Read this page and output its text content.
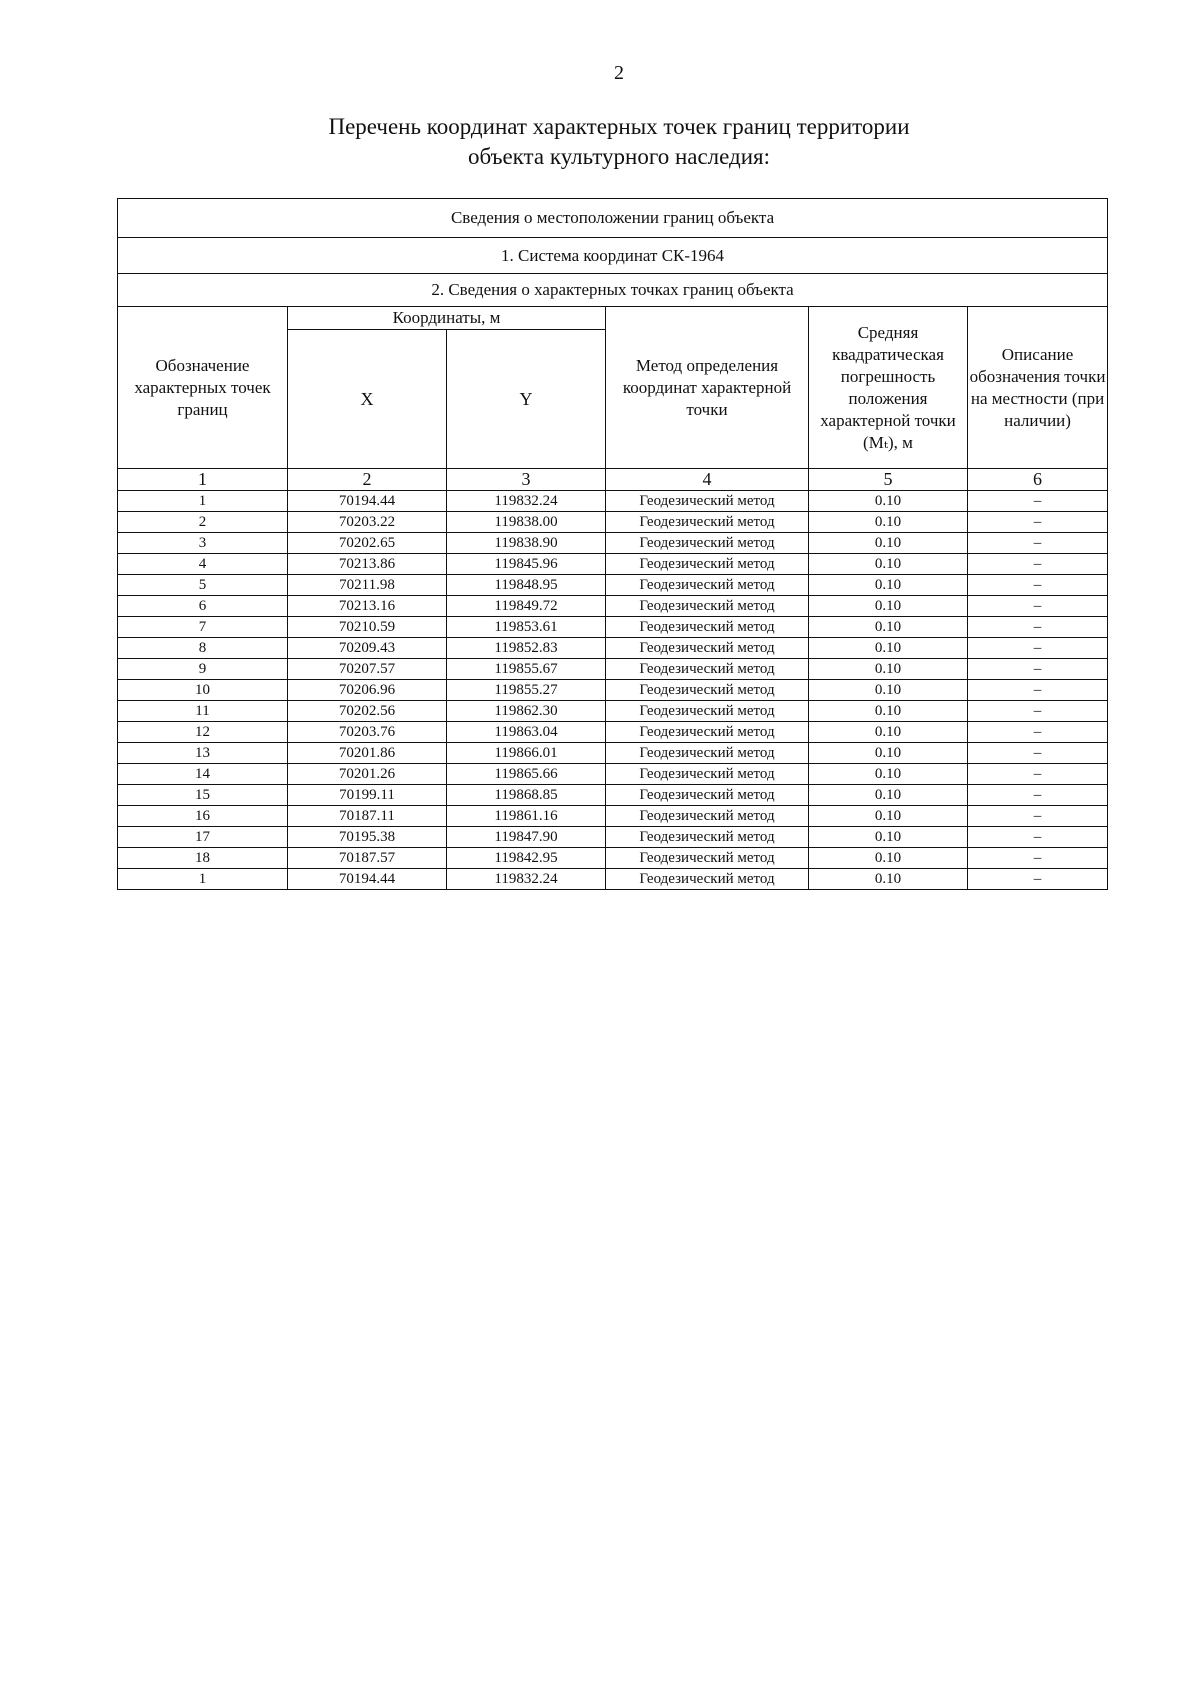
2
Перечень координат характерных точек границ территории
объекта культурного наследия:
Сведения о местоположении границ объекта					
1. Система координат СК-1964					
2. Сведения о характерных точках границ объекта					
Обозначение характерных точек границ	Координаты, м		Метод определения координат характерной точки	Средняя квадратическая погрешность положения характерной точки (Mₜ), м	Описание обозначения точки на местности (при наличии)
	X	Y			
1	2	3	4	5	6
1	70194.44	119832.24	Геодезический метод	0.10	–
2	70203.22	119838.00	Геодезический метод	0.10	–
3	70202.65	119838.90	Геодезический метод	0.10	–
4	70213.86	119845.96	Геодезический метод	0.10	–
5	70211.98	119848.95	Геодезический метод	0.10	–
6	70213.16	119849.72	Геодезический метод	0.10	–
7	70210.59	119853.61	Геодезический метод	0.10	–
8	70209.43	119852.83	Геодезический метод	0.10	–
9	70207.57	119855.67	Геодезический метод	0.10	–
10	70206.96	119855.27	Геодезический метод	0.10	–
11	70202.56	119862.30	Геодезический метод	0.10	–
12	70203.76	119863.04	Геодезический метод	0.10	–
13	70201.86	119866.01	Геодезический метод	0.10	–
14	70201.26	119865.66	Геодезический метод	0.10	–
15	70199.11	119868.85	Геодезический метод	0.10	–
16	70187.11	119861.16	Геодезический метод	0.10	–
17	70195.38	119847.90	Геодезический метод	0.10	–
18	70187.57	119842.95	Геодезический метод	0.10	–
1	70194.44	119832.24	Геодезический метод	0.10	–
